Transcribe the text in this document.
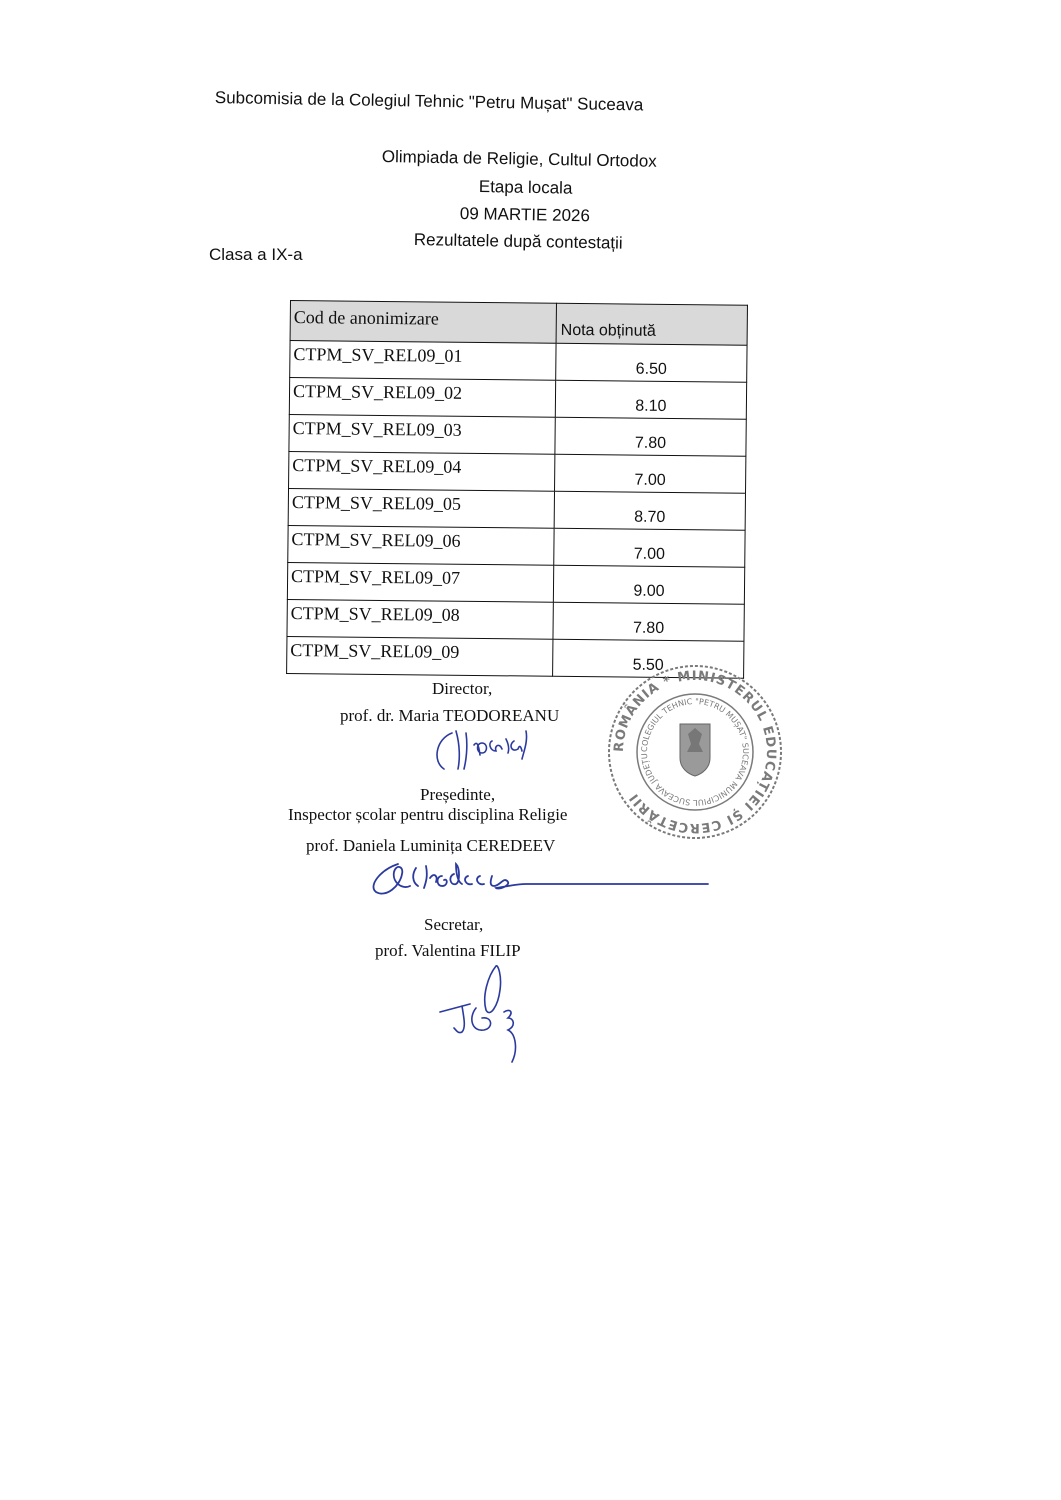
Subcomisia de la Colegiul Tehnic "Petru Mușat" Suceava
Olimpiada de Religie, Cultul Ortodox
Etapa locala
09 MARTIE 2026
Rezultatele după contestații
Clasa a IX-a
Cod de anonimizare	Nota obținută
CTPM_SV_REL09_01	6.50
CTPM_SV_REL09_02	8.10
CTPM_SV_REL09_03	7.80
CTPM_SV_REL09_04	7.00
CTPM_SV_REL09_05	8.70
CTPM_SV_REL09_06	7.00
CTPM_SV_REL09_07	9.00
CTPM_SV_REL09_08	7.80
CTPM_SV_REL09_09	5.50
Director,
prof. dr. Maria TEODOREANU
ROMÂNIA * MINISTERUL EDUCAȚIEI ȘI CERCETĂRII
COLEGIUL TEHNIC "PETRU MUȘAT" SUCEAVA MUNICIPIUL SUCEAVA JUDEȚUL SUCEAVA
Președinte,
Inspector școlar pentru disciplina Religie
prof. Daniela Luminița CEREDEEV
Secretar,
prof. Valentina FILIP
